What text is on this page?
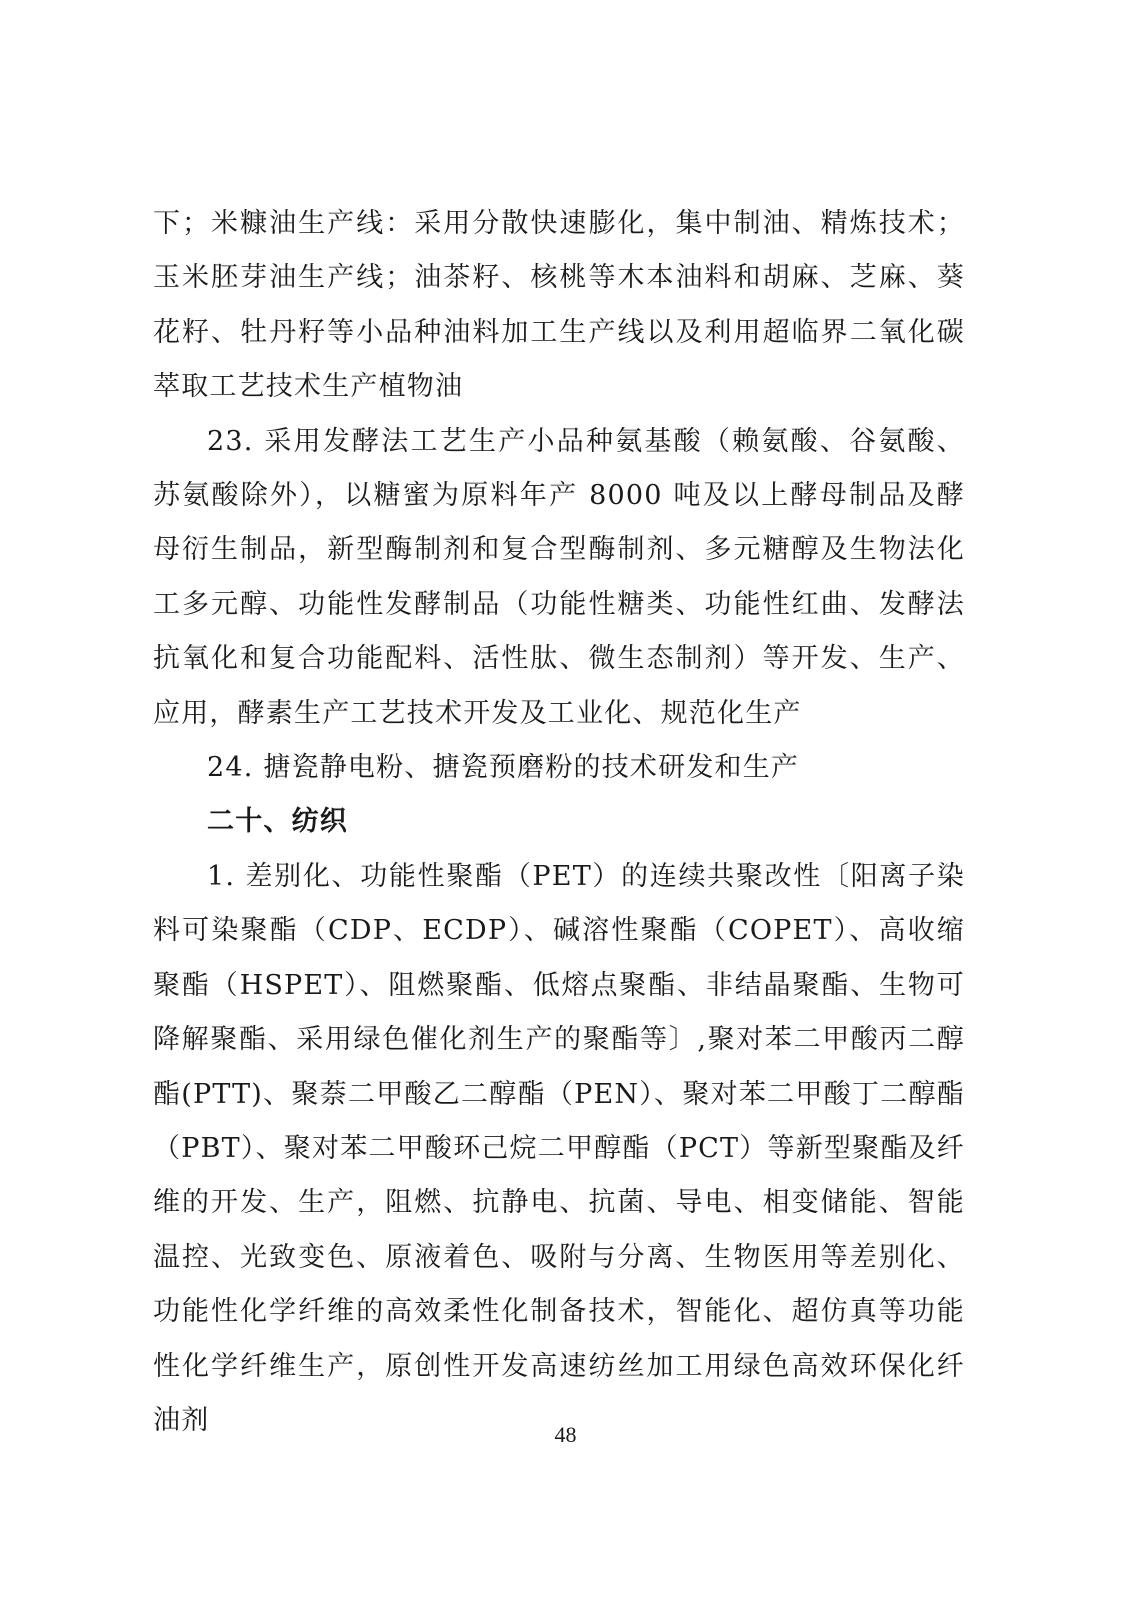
下；米糠油生产线：采用分散快速膨化，集中制油、精炼技术；玉米胚芽油生产线；油茶籽、核桃等木本油料和胡麻、芝麻、葵花籽、牡丹籽等小品种油料加工生产线以及利用超临界二氧化碳萃取工艺技术生产植物油

23. 采用发酵法工艺生产小品种氨基酸（赖氨酸、谷氨酸、苏氨酸除外），以糖蜜为原料年产 8000 吨及以上酵母制品及酵母衍生制品，新型酶制剂和复合型酶制剂、多元糖醇及生物法化工多元醇、功能性发酵制品（功能性糖类、功能性红曲、发酵法抗氧化和复合功能配料、活性肽、微生态制剂）等开发、生产、应用，酵素生产工艺技术开发及工业化、规范化生产

24. 搪瓷静电粉、搪瓷预磨粉的技术研发和生产

二十、纺织

1. 差别化、功能性聚酯（PET）的连续共聚改性〔阳离子染料可染聚酯（CDP、ECDP）、碱溶性聚酯（COPET）、高收缩聚酯（HSPET）、阻燃聚酯、低熔点聚酯、非结晶聚酯、生物可降解聚酯、采用绿色催化剂生产的聚酯等〕,聚对苯二甲酸丙二醇酯(PTT)、聚萘二甲酸乙二醇酯（PEN）、聚对苯二甲酸丁二醇酯（PBT）、聚对苯二甲酸环己烷二甲醇酯（PCT）等新型聚酯及纤维的开发、生产，阻燃、抗静电、抗菌、导电、相变储能、智能温控、光致变色、原液着色、吸附与分离、生物医用等差别化、功能性化学纤维的高效柔性化制备技术，智能化、超仿真等功能性化学纤维生产，原创性开发高速纺丝加工用绿色高效环保化纤油剂	48
